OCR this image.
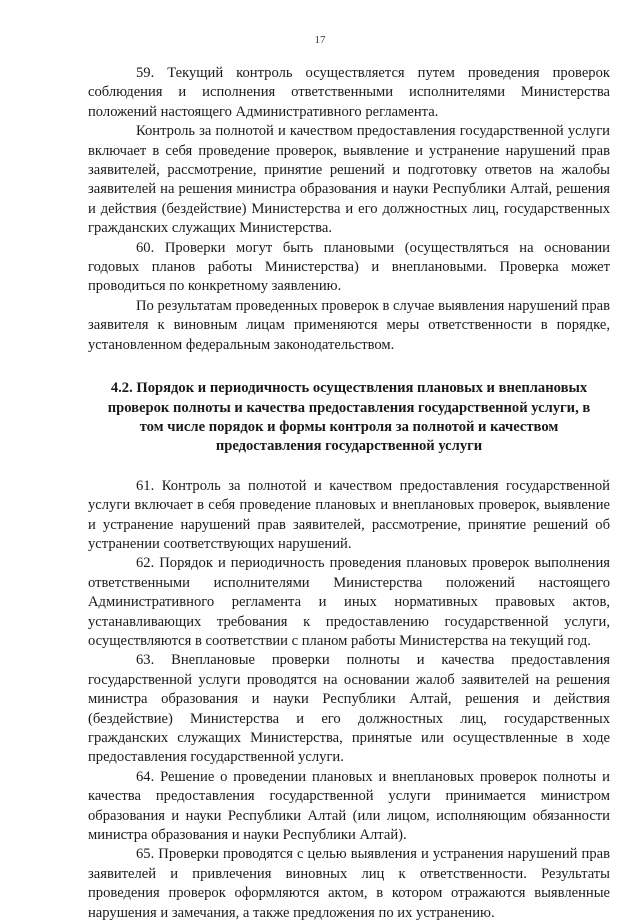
17

59. Текущий контроль осуществляется путем проведения проверок соблюдения и исполнения ответственными исполнителями Министерства положений настоящего Административного регламента.

Контроль за полнотой и качеством предоставления государственной услуги включает в себя проведение проверок, выявление и устранение нарушений прав заявителей, рассмотрение, принятие решений и подготовку ответов на жалобы заявителей на решения министра образования и науки Республики Алтай, решения и действия (бездействие) Министерства и его должностных лиц, государственных гражданских служащих Министерства.

60. Проверки могут быть плановыми (осуществляться на основании годовых планов работы Министерства) и внеплановыми. Проверка может проводиться по конкретному заявлению.

По результатам проведенных проверок в случае выявления нарушений прав заявителя к виновным лицам применяются меры ответственности в порядке, установленном федеральным законодательством.

4.2. Порядок и периодичность осуществления плановых и внеплановых проверок полноты и качества предоставления государственной услуги, в том числе порядок и формы контроля за полнотой и качеством предоставления государственной услуги

61. Контроль за полнотой и качеством предоставления государственной услуги включает в себя проведение плановых и внеплановых проверок, выявление и устранение нарушений прав заявителей, рассмотрение, принятие решений об устранении соответствующих нарушений.

62. Порядок и периодичность проведения плановых проверок выполнения ответственными исполнителями Министерства положений настоящего Административного регламента и иных нормативных правовых актов, устанавливающих требования к предоставлению государственной услуги, осуществляются в соответствии с планом работы Министерства на текущий год.

63. Внеплановые проверки полноты и качества предоставления государственной услуги проводятся на основании жалоб заявителей на решения министра образования и науки Республики Алтай, решения и действия (бездействие) Министерства и его должностных лиц, государственных гражданских служащих Министерства, принятые или осуществленные в ходе предоставления государственной услуги.

64. Решение о проведении плановых и внеплановых проверок полноты и качества предоставления государственной услуги принимается министром образования и науки Республики Алтай (или лицом, исполняющим обязанности министра образования и науки Республики Алтай).

65. Проверки проводятся с целью выявления и устранения нарушений прав заявителей и привлечения виновных лиц к ответственности. Результаты проведения проверок оформляются актом, в котором отражаются выявленные нарушения и замечания, а также предложения по их устранению.
